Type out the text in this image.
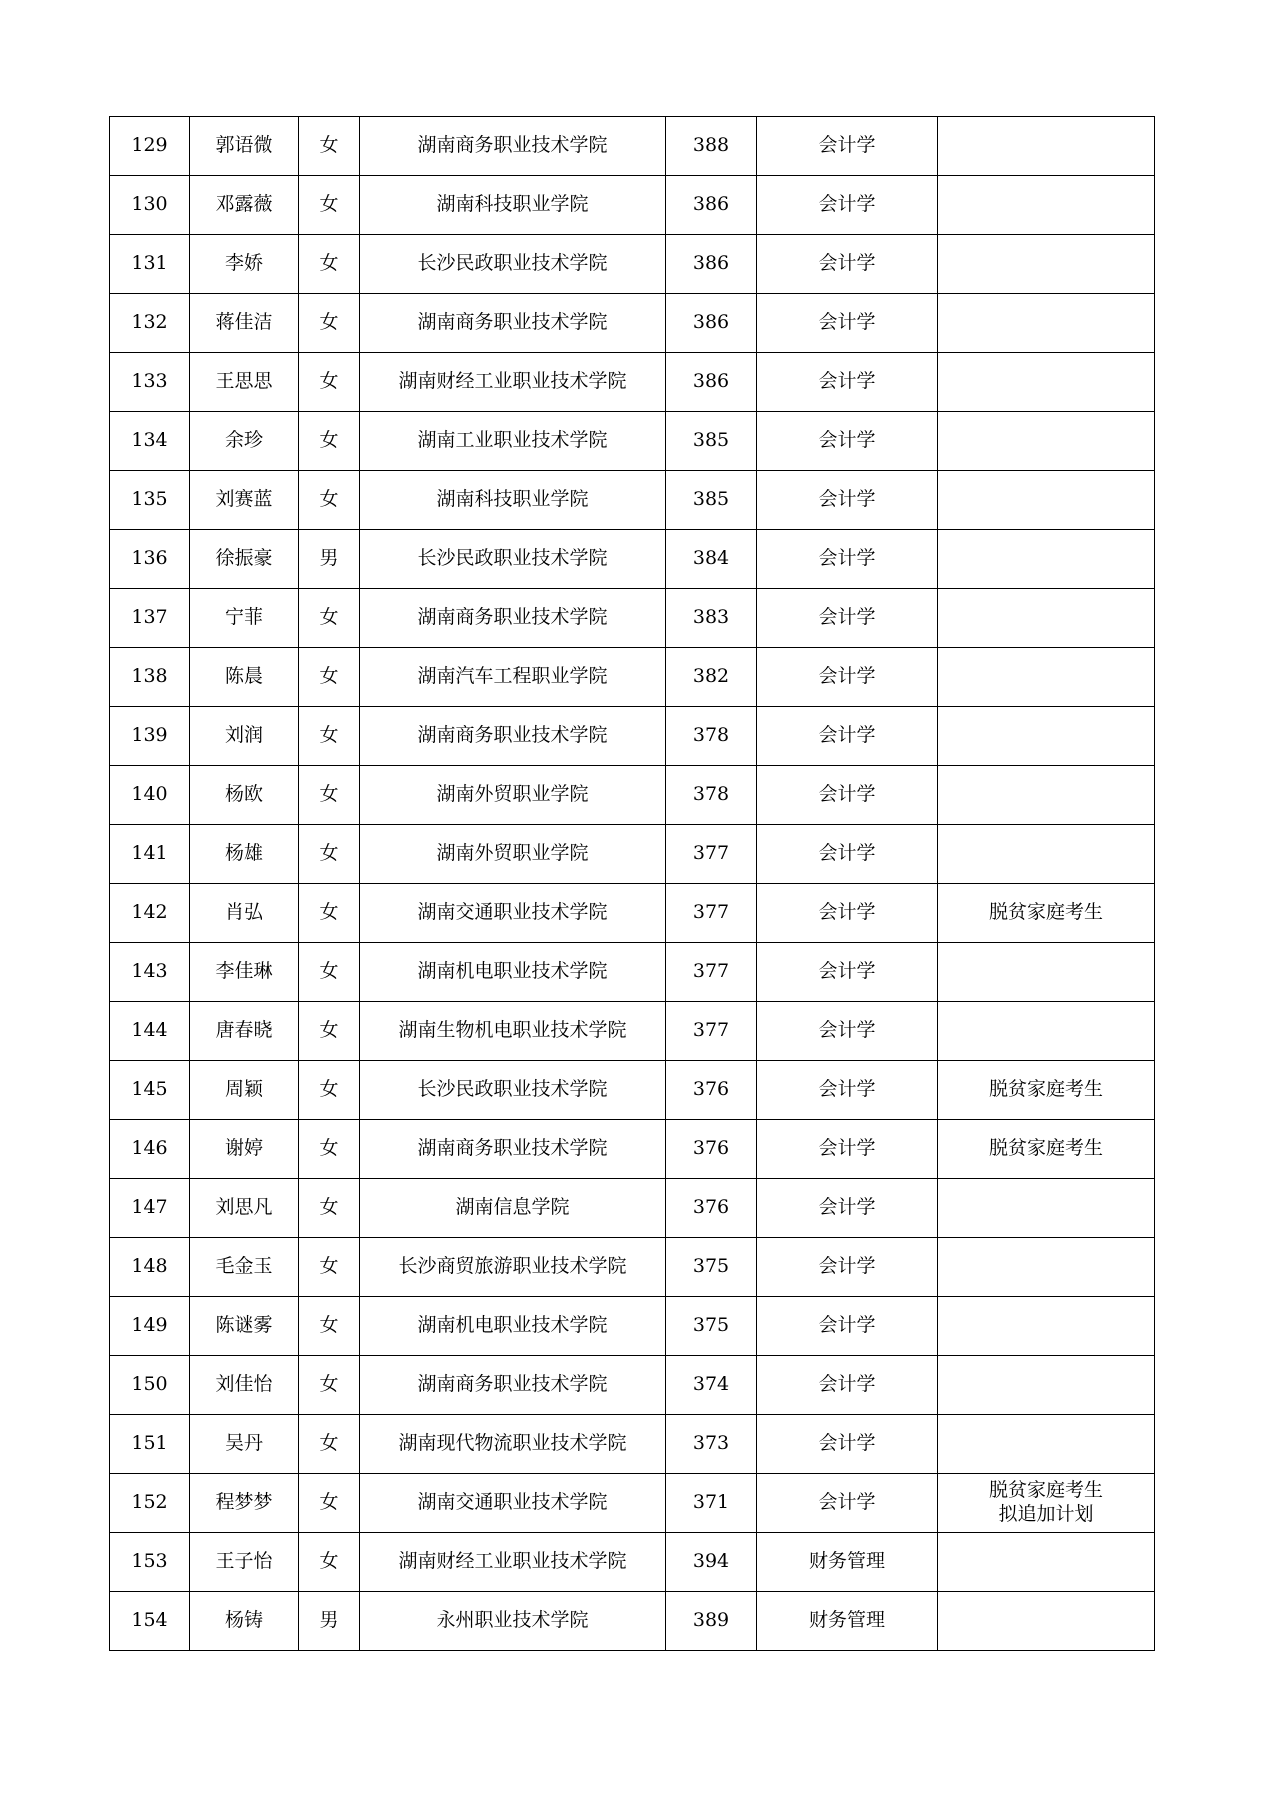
129	郭语微	女	湖南商务职业技术学院	388	会计学	
130	邓露薇	女	湖南科技职业学院	386	会计学	
131	李娇	女	长沙民政职业技术学院	386	会计学	
132	蒋佳洁	女	湖南商务职业技术学院	386	会计学	
133	王思思	女	湖南财经工业职业技术学院	386	会计学	
134	余珍	女	湖南工业职业技术学院	385	会计学	
135	刘赛蓝	女	湖南科技职业学院	385	会计学	
136	徐振豪	男	长沙民政职业技术学院	384	会计学	
137	宁菲	女	湖南商务职业技术学院	383	会计学	
138	陈晨	女	湖南汽车工程职业学院	382	会计学	
139	刘润	女	湖南商务职业技术学院	378	会计学	
140	杨欧	女	湖南外贸职业学院	378	会计学	
141	杨雄	女	湖南外贸职业学院	377	会计学	
142	肖弘	女	湖南交通职业技术学院	377	会计学	脱贫家庭考生

143	李佳琳	女	湖南机电职业技术学院	377	会计学	
144	唐春晓	女	湖南生物机电职业技术学院	377	会计学	
145	周颖	女	长沙民政职业技术学院	376	会计学	脱贫家庭考生

146	谢婷	女	湖南商务职业技术学院	376	会计学	脱贫家庭考生

147	刘思凡	女	湖南信息学院	376	会计学	
148	毛金玉	女	长沙商贸旅游职业技术学院	375	会计学	
149	陈谜雾	女	湖南机电职业技术学院	375	会计学	
150	刘佳怡	女	湖南商务职业技术学院	374	会计学	
151	吴丹	女	湖南现代物流职业技术学院	373	会计学	
152	程梦梦	女	湖南交通职业技术学院	371	会计学	脱贫家庭考生
拟追加计划

153	王子怡	女	湖南财经工业职业技术学院	394	财务管理	
154	杨铸	男	永州职业技术学院	389	财务管理	
